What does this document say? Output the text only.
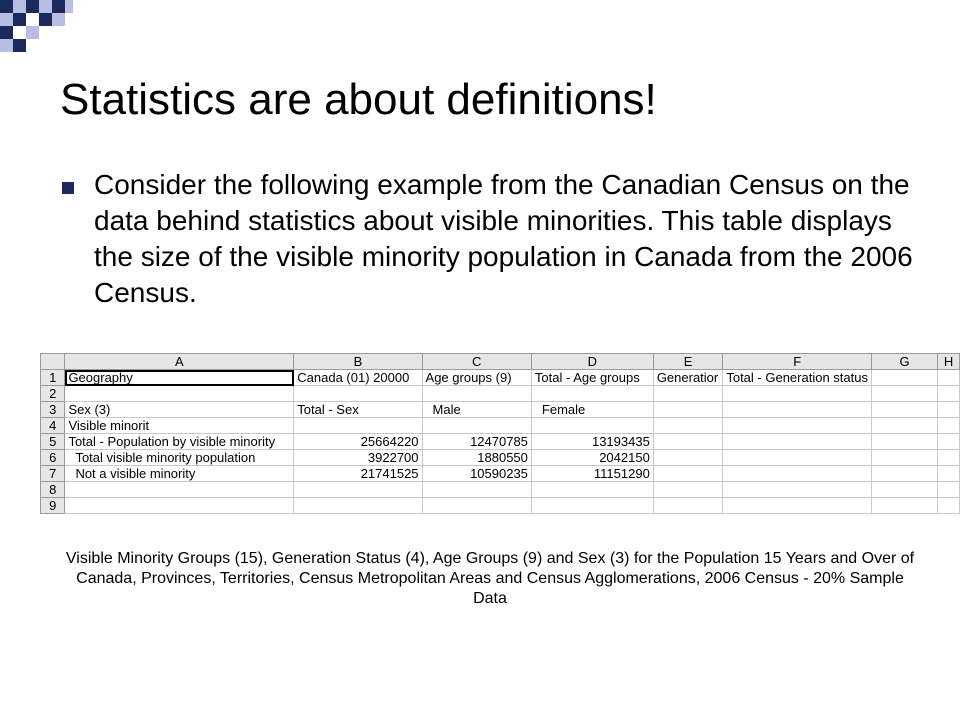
Statistics are about definitions!
Consider the following example from the Canadian Census on the data behind statistics about visible minorities. This table displays the size of the visible minority population in Canada from the 2006 Census.
	A	B	C	D	E	F	G	H
1	Geography	Canada (01) 20000	Age groups (9)	Total - Age groups	Generatior	Total - Generation status		
2								
3	Sex (3)	Total - Sex	Male	Female				
4	Visible minorit							
5	Total - Population by visible minority	25664220	12470785	13193435				
6	Total visible minority population	3922700	1880550	2042150				
7	Not a visible minority	21741525	10590235	11151290				
8								
9								
Visible Minority Groups (15), Generation Status (4), Age Groups (9) and Sex (3) for the Population 15 Years and Over of Canada, Provinces, Territories, Census Metropolitan Areas and Census Agglomerations, 2006 Census - 20% Sample Data
